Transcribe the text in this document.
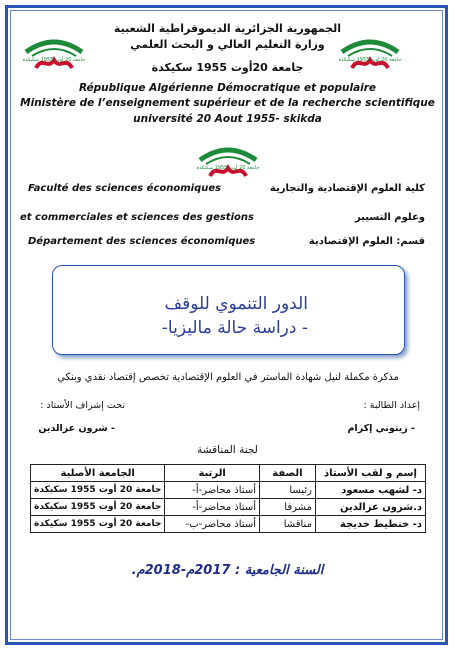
جامعة 20 أوت 1955 سكيكدة	جامعة 20 أوت 1955 سكيكدة
جامعة 20 أوت 1955 سكيكدة
الجمهورية الجزائرية الديموقراطية الشعبية
وزارة التعليم العالي و البحث العلمي
جامعة 20أوت 1955 سكيكدة
République Algérienne Démocratique et populaire
Ministère de l’enseignement supérieur et de la recherche scientifique
université 20 Aout 1955- skikda
Faculté des sciences économiques	كلية العلوم الإقتصادية والتجارية
et commerciales et sciences des gestions	وعلوم التسيير
Département des sciences économiques	قسم: العلوم الإقتصادية
الدور التنموي للوقف
- دراسة حالة ماليزيا-
مذكرة مكملة لنيل شهادة الماستر في العلوم الإقتصادية تخصص إقتصاد نقدي وبنكي
إعداد الطالبة :
تحت إشراف الأستاذ :
- زيتوني إكرام
- شرون عزالدين
لجنة المناقشة
إسم و لقب الأستاذ	الصفة	الرتبة	الجامعة الأصلية
د- لشهب مسعود	رئيسا	أستاذ محاضر-أ-	جامعة 20 أوت 1955 سكيكدة
د.شرون عزالدين	مشرفا	أستاذ محاضر-أ-	جامعة 20 أوت 1955 سكيكدة
د- خنطيط خديجة	مناقشا	أستاذ محاضر-ب-	جامعة 20 أوت 1955 سكيكدة
السنة الجامعية : 2017م-2018م.
